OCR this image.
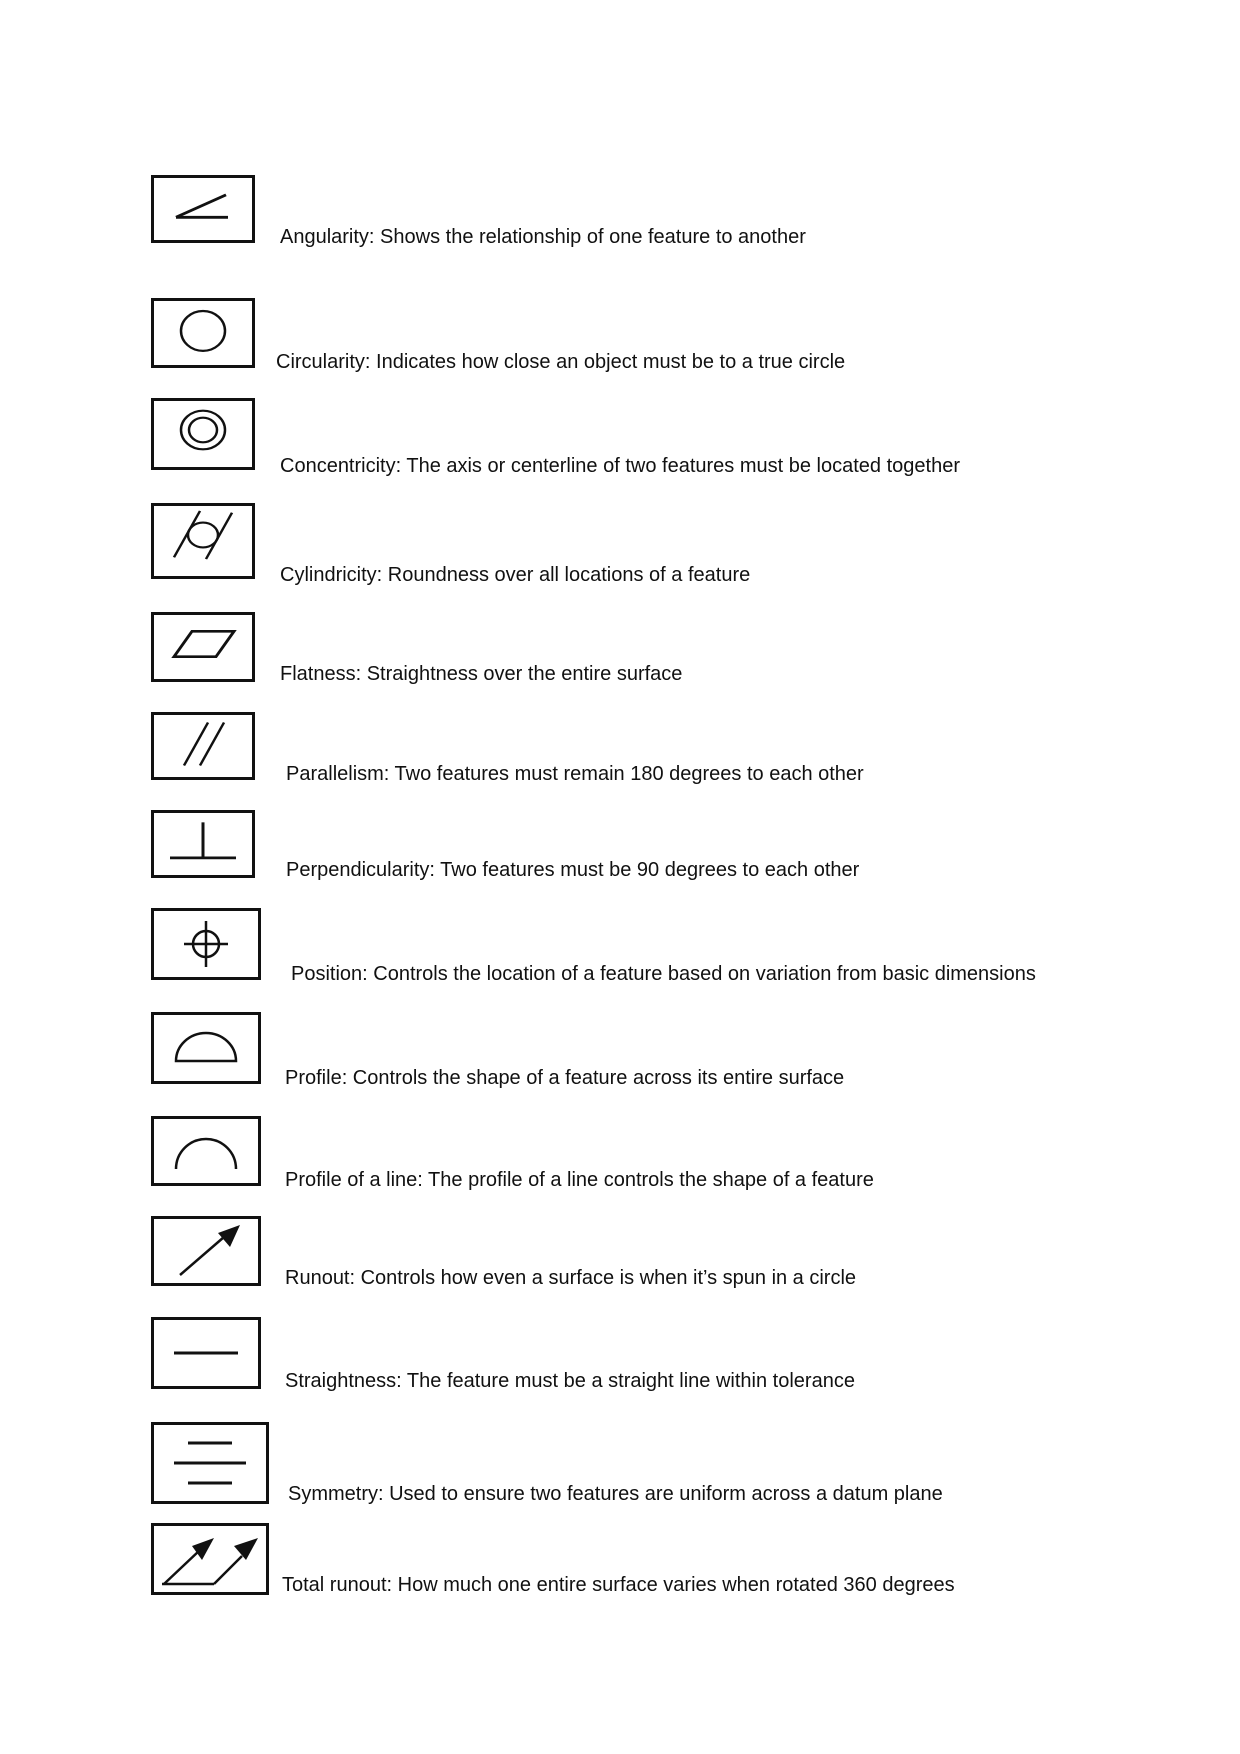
Angularity: Shows the relationship of one feature to another
Circularity: Indicates how close an object must be to a true circle
Concentricity: The axis or centerline of two features must be located together
Cylindricity: Roundness over all locations of a feature
Flatness: Straightness over the entire surface
Parallelism: Two features must remain 180 degrees to each other
Perpendicularity: Two features must be 90 degrees to each other
Position: Controls the location of a feature based on variation from basic dimensions
Profile: Controls the shape of a feature across its entire surface
Profile of a line: The profile of a line controls the shape of a feature
Runout: Controls how even a surface is when it’s spun in a circle
Straightness: The feature must be a straight line within tolerance
Symmetry: Used to ensure two features are uniform across a datum plane
Total runout: How much one entire surface varies when rotated 360 degrees
